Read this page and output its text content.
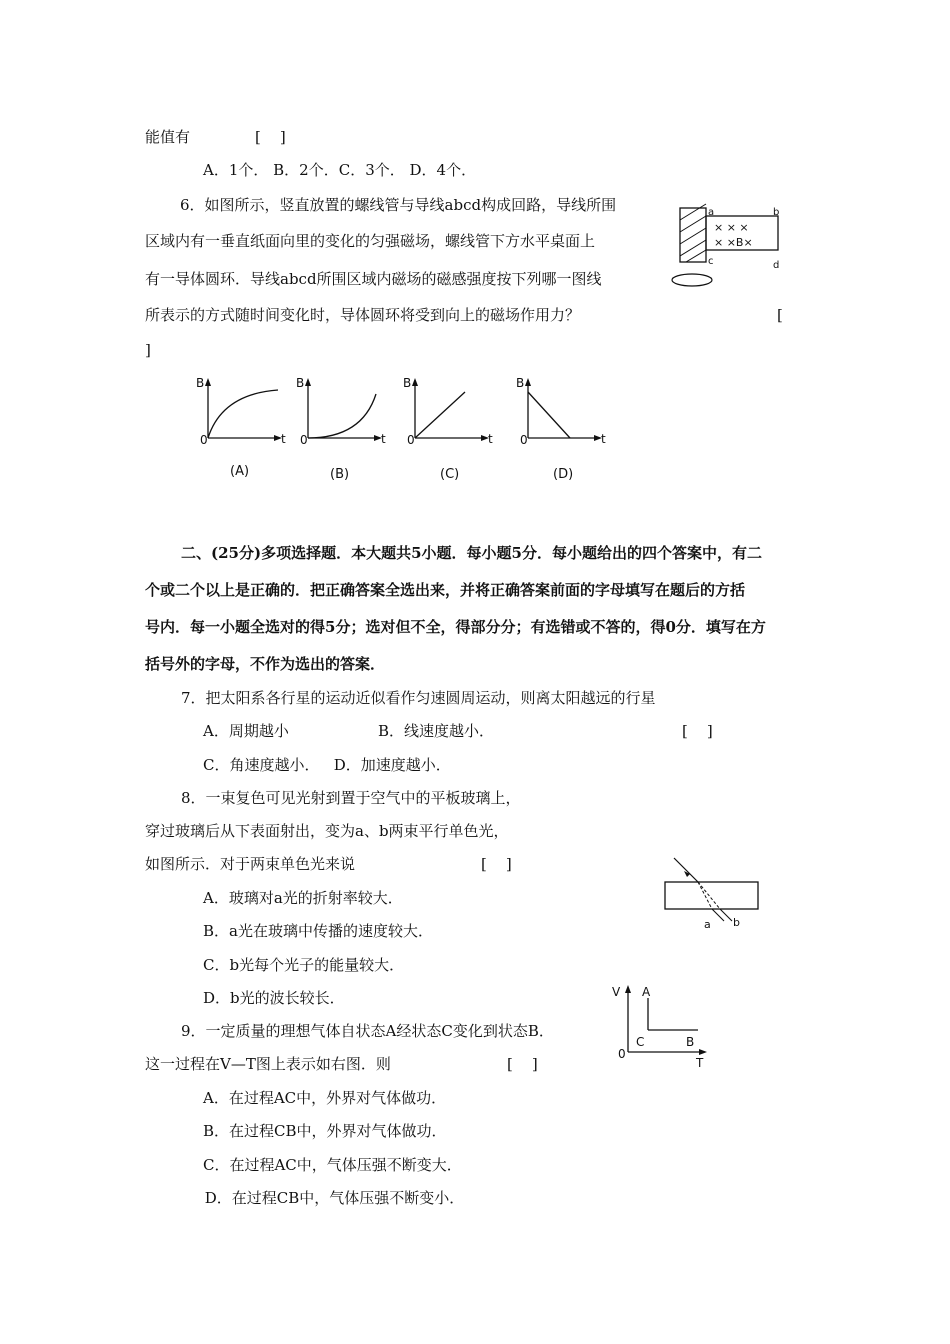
能值有	[    ]
A．1个． B．2个．C．3个． D．4个．
6．如图所示，竖直放置的螺线管与导线abcd构成回路，导线所围
区域内有一垂直纸面向里的变化的匀强磁场，螺线管下方水平桌面上
有一导体圆环．导线abcd所围区域内磁场的磁感强度按下列哪一图线
所表示的方式随时间变化时，导体圆环将受到向上的磁场作用力？	[
]
a	b
c	d
× × ×
× ×B×
B
0	t
(A)
B
0	t
(B)
B
0	t
(C)
B
0	t
(D)
二、(25分)多项选择题．本大题共5小题．每小题5分．每小题给出的四个答案中，有二
个或二个以上是正确的．把正确答案全选出来，并将正确答案前面的字母填写在题后的方括
号内．每一小题全选对的得5分；选对但不全，得部分分；有选错或不答的，得0分．填写在方
括号外的字母，不作为选出的答案．
7．把太阳系各行星的运动近似看作匀速圆周运动，则离太阳越远的行星
A．周期越小	B．线速度越小．	[    ]
C．角速度越小．   D．加速度越小．
8．一束复色可见光射到置于空气中的平板玻璃上，
穿过玻璃后从下表面射出，变为a、b两束平行单色光，
如图所示．对于两束单色光来说	[    ]
A．玻璃对a光的折射率较大．
B．a光在玻璃中传播的速度较大．
C．b光每个光子的能量较大．
D．b光的波长较长．
a b
9．一定质量的理想气体自状态A经状态C变化到状态B．
这一过程在V—T图上表示如右图．则	[    ]
A．在过程AC中，外界对气体做功．
B．在过程CB中，外界对气体做功．
C．在过程AC中，气体压强不断变大．
D．在过程CB中，气体压强不断变小．
V A
C	B
0
T
